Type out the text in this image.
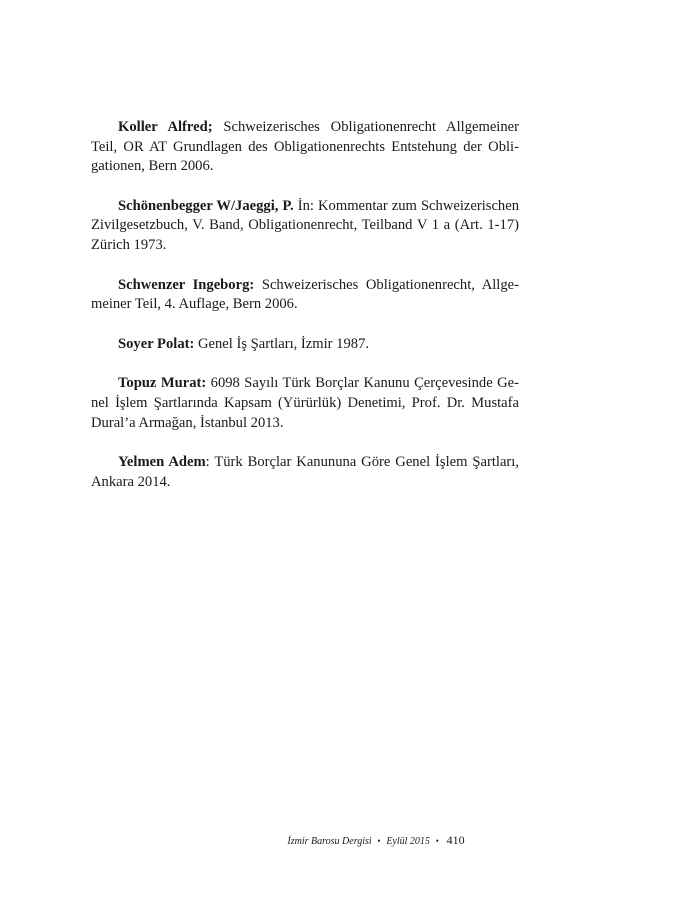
Koller Alfred; Schweizerisches Obligationenrecht Allgemeiner Teil, OR AT Grundlagen des Obligationenrechts Entstehung der Obligationen, Bern 2006.

Schönenbegger W/Jaeggi, P. İn: Kommentar zum Schweizerischen Zivilgesetzbuch, V. Band, Obligationenrecht, Teilband V 1 a (Art. 1-17) Zürich 1973.

Schwenzer Ingeborg: Schweizerisches Obligationenrecht, Allgemeiner Teil, 4. Auflage, Bern 2006.

Soyer Polat: Genel İş Şartları, İzmir 1987.

Topuz Murat: 6098 Sayılı Türk Borçlar Kanunu Çerçevesinde Genel İşlem Şartlarında Kapsam (Yürürlük) Denetimi, Prof. Dr. Mustafa Dural’a Armağan, İstanbul 2013.

Yelmen Adem: Türk Borçlar Kanununa Göre Genel İşlem Şartları, Ankara 2014.

İzmir Barosu Dergisi • Eylül 2015 • 410
